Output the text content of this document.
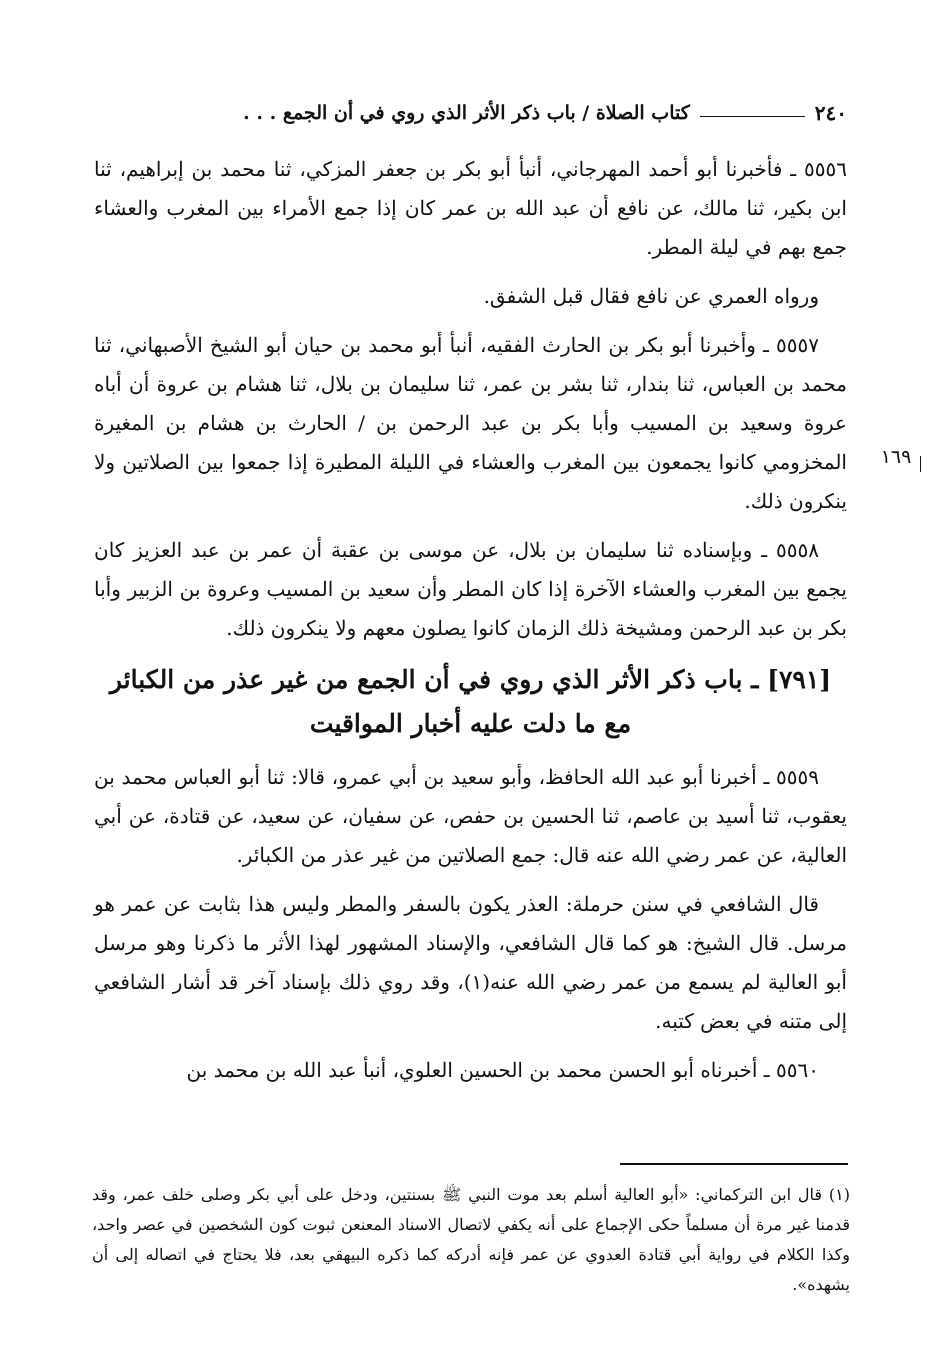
٢٤٠
كتاب الصلاة / باب ذكر الأثر الذي روي في أن الجمع . . .
١٦٩

٥٥٥٦ ـ فأخبرنا أبو أحمد المهرجاني، أنبأ أبو بكر بن جعفر المزكي، ثنا محمد بن إبراهيم، ثنا ابن بكير، ثنا مالك، عن نافع أن عبد الله بن عمر كان إذا جمع الأمراء بين المغرب والعشاء جمع بهم في ليلة المطر.

ورواه العمري عن نافع فقال قبل الشفق.

٥٥٥٧ ـ وأخبرنا أبو بكر بن الحارث الفقيه، أنبأ أبو محمد بن حيان أبو الشيخ الأصبهاني، ثنا محمد بن العباس، ثنا بندار، ثنا بشر بن عمر، ثنا سليمان بن بلال، ثنا هشام بن عروة أن أباه عروة وسعيد بن المسيب وأبا بكر بن عبد الرحمن بن / الحارث بن هشام بن المغيرة المخزومي كانوا يجمعون بين المغرب والعشاء في الليلة المطيرة إذا جمعوا بين الصلاتين ولا ينكرون ذلك.

٥٥٥٨ ـ وبإسناده ثنا سليمان بن بلال، عن موسى بن عقبة أن عمر بن عبد العزيز كان يجمع بين المغرب والعشاء الآخرة إذا كان المطر وأن سعيد بن المسيب وعروة بن الزبير وأبا بكر بن عبد الرحمن ومشيخة ذلك الزمان كانوا يصلون معهم ولا ينكرون ذلك.

[٧٩١] ـ باب ذكر الأثر الذي روي في أن الجمع من غير عذر من الكبائر
مع ما دلت عليه أخبار المواقيت

٥٥٥٩ ـ أخبرنا أبو عبد الله الحافظ، وأبو سعيد بن أبي عمرو، قالا: ثنا أبو العباس محمد بن يعقوب، ثنا أسيد بن عاصم، ثنا الحسين بن حفص، عن سفيان، عن سعيد، عن قتادة، عن أبي العالية، عن عمر رضي الله عنه قال: جمع الصلاتين من غير عذر من الكبائر.

قال الشافعي في سنن حرملة: العذر يكون بالسفر والمطر وليس هذا بثابت عن عمر هو مرسل. قال الشيخ: هو كما قال الشافعي، والإسناد المشهور لهذا الأثر ما ذكرنا وهو مرسل أبو العالية لم يسمع من عمر رضي الله عنه(١)، وقد روي ذلك بإسناد آخر قد أشار الشافعي إلى متنه في بعض كتبه.

٥٥٦٠ ـ أخبرناه أبو الحسن محمد بن الحسين العلوي، أنبأ عبد الله بن محمد بن

(١) قال ابن التركماني: «أبو العالية أسلم بعد موت النبي ﷺ بسنتين، ودخل على أبي بكر وصلى خلف عمر، وقد قدمنا غير مرة أن مسلماً حكى الإجماع على أنه يكفي لاتصال الاسناد المعنعن ثبوت كون الشخصين في عصر واحد، وكذا الكلام في رواية أبي قتادة العدوي عن عمر فإنه أدركه كما ذكره البيهقي بعد، فلا يحتاج في اتصاله إلى أن يشهده».
